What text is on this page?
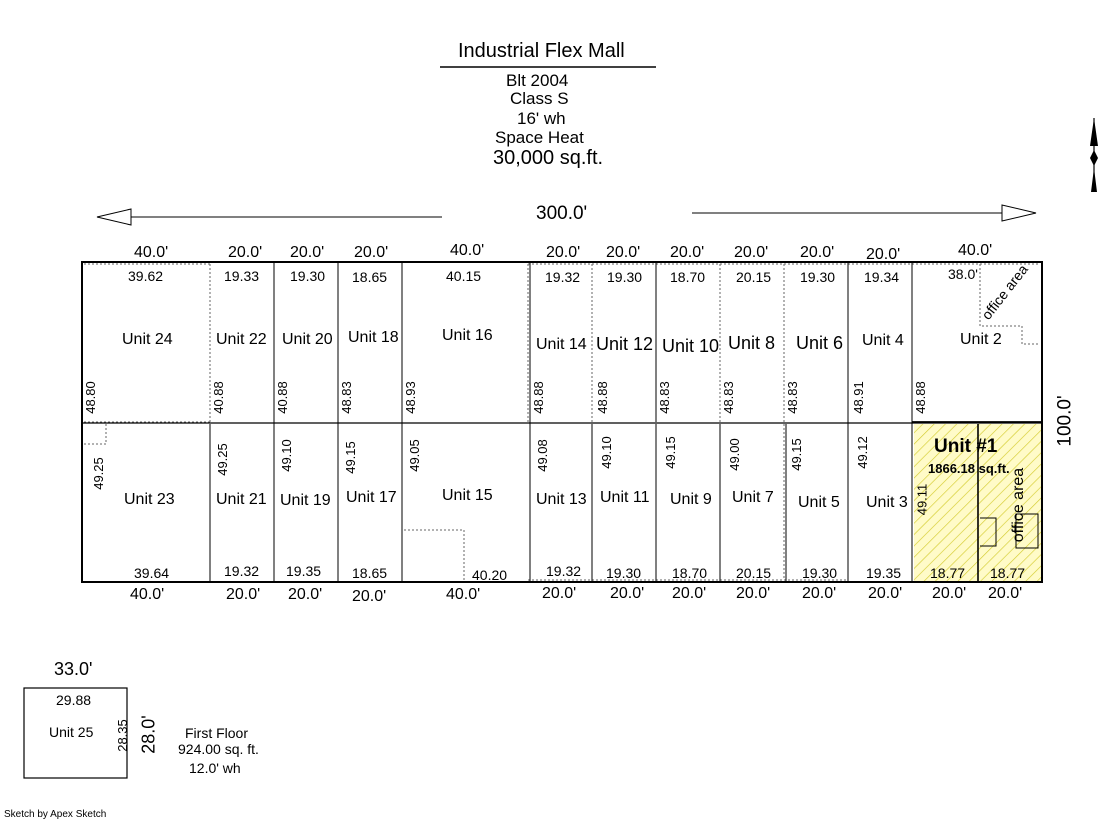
Industrial Flex Mall
Blt 2004
Class S
16' wh
Space Heat
30,000 sq.ft.
300.0'
100.0'
40.0'	20.0' 20.0' 20.0'	40.0'	20.0' 20.0' 20.0' 20.0' 20.0' 20.0'	40.0'
40.0'	20.0' 20.0' 20.0'	40.0'	20.0' 20.0' 20.0' 20.0' 20.0' 20.0' 20.0' 20.0'
39.62	19.33 19.30 18.65	40.15	19.32 19.30 18.70 20.15 19.30 19.34	38.0'
Unit 24	Unit 22 Unit 20 Unit 18	Unit 16
Unit 14 Unit 12 Unit 10 Unit 8 Unit 6 Unit 4	Unit 2
office area
48.80	40.88	40.88	48.83	48.93	48.88	48.88	48.83	48.83	48.83	48.91	48.88
Unit 23	Unit 21 Unit 19 Unit 17	Unit 15	Unit 13 Unit 11 Unit 9 Unit 7 Unit 5 Unit 3
39.64	19.32 19.35 18.65	40.20	19.32 19.30 18.70 20.15 19.30 19.35
49.25	49.25	49.10	49.15	49.05	49.08	49.10	49.15	49.00	49.15	49.12	Unit #1
1866.18 sq.ft.
49.11
18.77 18.77
office area
33.0'
29.88
Unit 25 28.35 28.0' First Floor
924.00 sq. ft.
12.0' wh
Sketch by Apex Sketch
